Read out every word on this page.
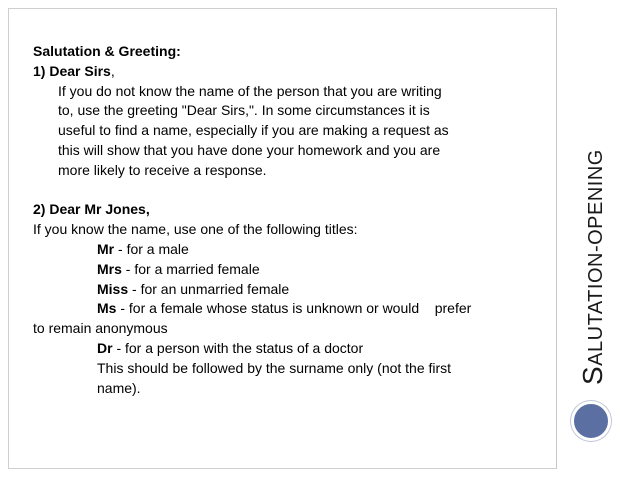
SALUTATION-OPENING
Salutation & Greeting:
1) Dear Sirs,
If you do not know the name of the person that you are writing
to, use the greeting "Dear Sirs,". In some circumstances it is
useful to find a name, especially if you are making a request as
this will show that you have done your homework and you are
more likely to receive a response.
2) Dear Mr Jones,
If you know the name, use one of the following titles:
Mr - for a male
Mrs - for a married female
Miss - for an unmarried female
Ms - for a female whose status is unknown or would    prefer
to remain anonymous
Dr - for a person with the status of a doctor
This should be followed by the surname only (not the first
name).
